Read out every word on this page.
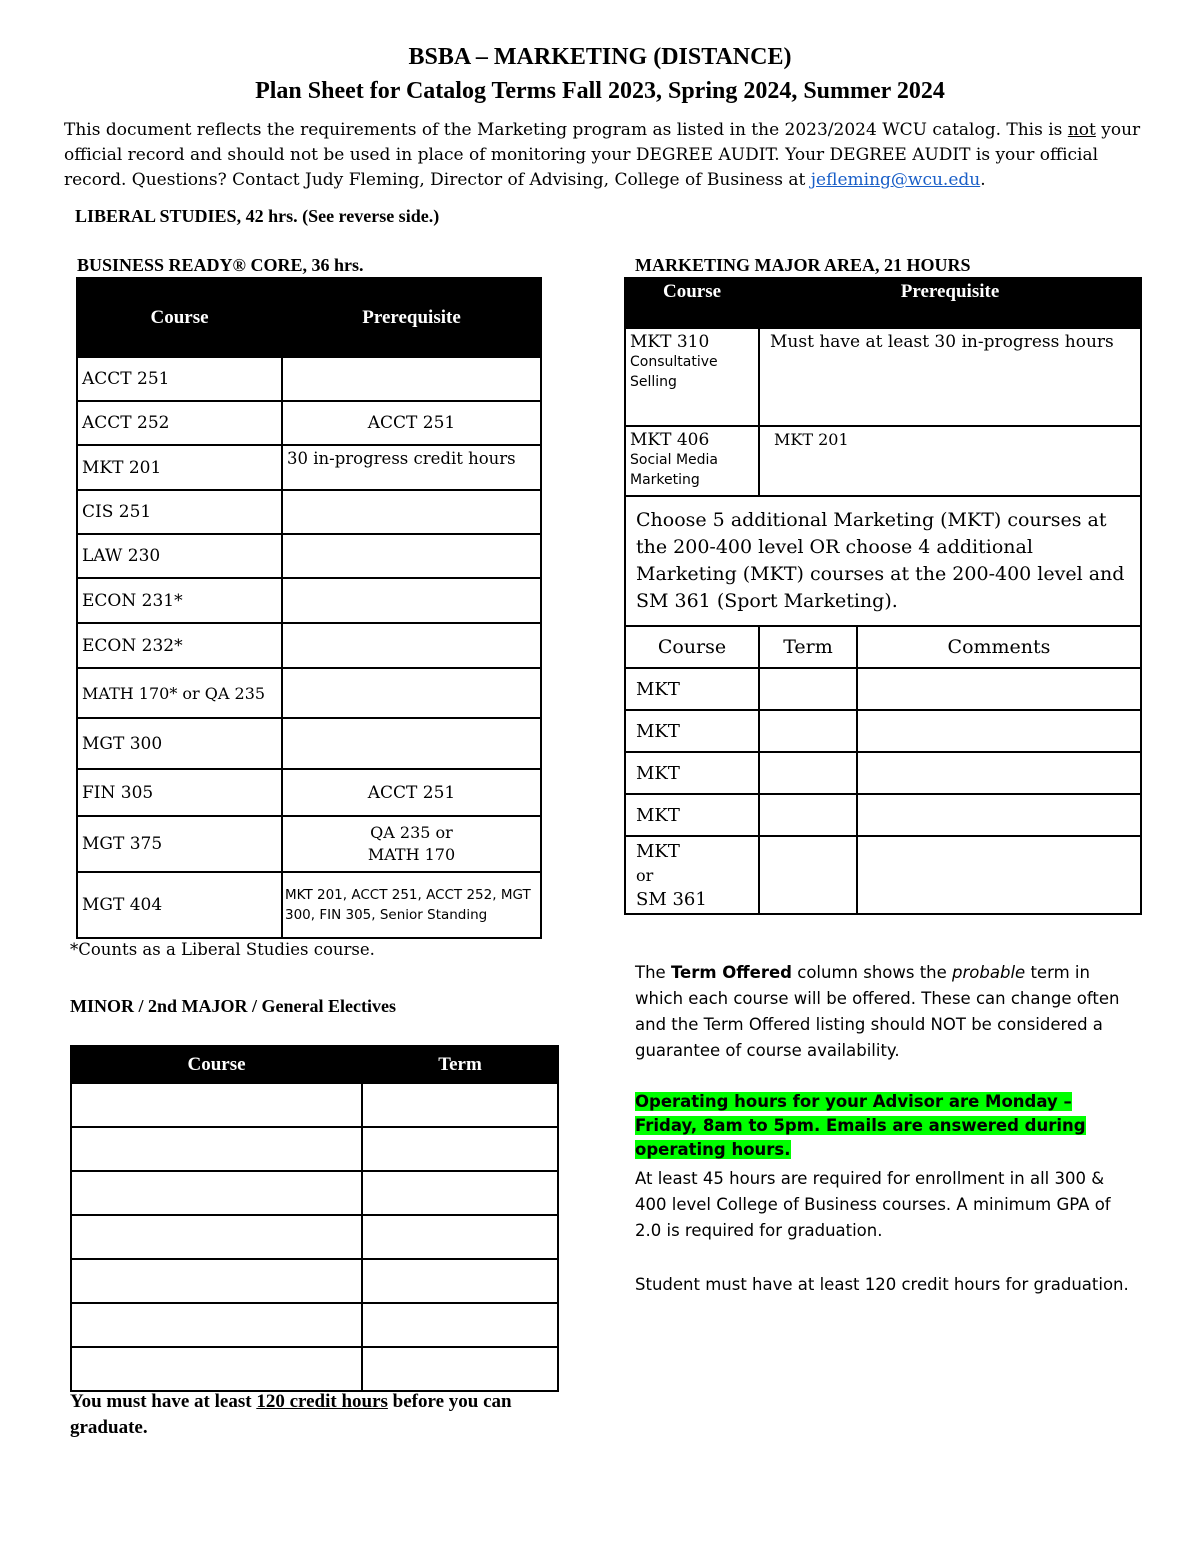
BSBA – MARKETING (DISTANCE)
Plan Sheet for Catalog Terms Fall 2023, Spring 2024, Summer 2024
This document reflects the requirements of the Marketing program as listed in the 2023/2024 WCU catalog. This is not your official record and should not be used in place of monitoring your DEGREE AUDIT. Your DEGREE AUDIT is your official record. Questions? Contact Judy Fleming, Director of Advising, College of Business at jefleming@wcu.edu.
LIBERAL STUDIES, 42 hrs. (See reverse side.)
BUSINESS READY® CORE, 36 hrs.
Course	Prerequisite
ACCT 251	
ACCT 252	ACCT 251
MKT 201	30 in-progress credit hours
CIS 251	
LAW 230	
ECON 231*	
ECON 232*	
MATH 170* or QA 235	
MGT 300	
FIN 305	ACCT 251
MGT 375	QA 235 or
MATH 170
MGT 404	MKT 201, ACCT 251, ACCT 252, MGT 300, FIN 305, Senior Standing
*Counts as a Liberal Studies course.
MINOR / 2nd MAJOR / General Electives
Course	Term

You must have at least 120 credit hours before you can graduate.
MARKETING MAJOR AREA, 21 HOURS
Course	Prerequisite

MKT 310
Consultative Selling	Must have at least 30 in-progress hours

MKT 406
Social Media Marketing	MKT 201
Choose 5 additional Marketing (MKT) courses at the 200-400 level OR choose 4 additional Marketing (MKT) courses at the 200-400 level and SM 361 (Sport Marketing).	
Course	Term	Comments
MKT		
MKT		
MKT		
MKT		

MKT
or
SM 361		

The Term Offered column shows the probable term in which each course will be offered. These can change often and the Term Offered listing should NOT be considered a guarantee of course availability.
Operating hours for your Advisor are Monday – Friday, 8am to 5pm. Emails are answered during operating hours.
At least 45 hours are required for enrollment in all 300 & 400 level College of Business courses. A minimum GPA of 2.0 is required for graduation.
Student must have at least 120 credit hours for graduation.
